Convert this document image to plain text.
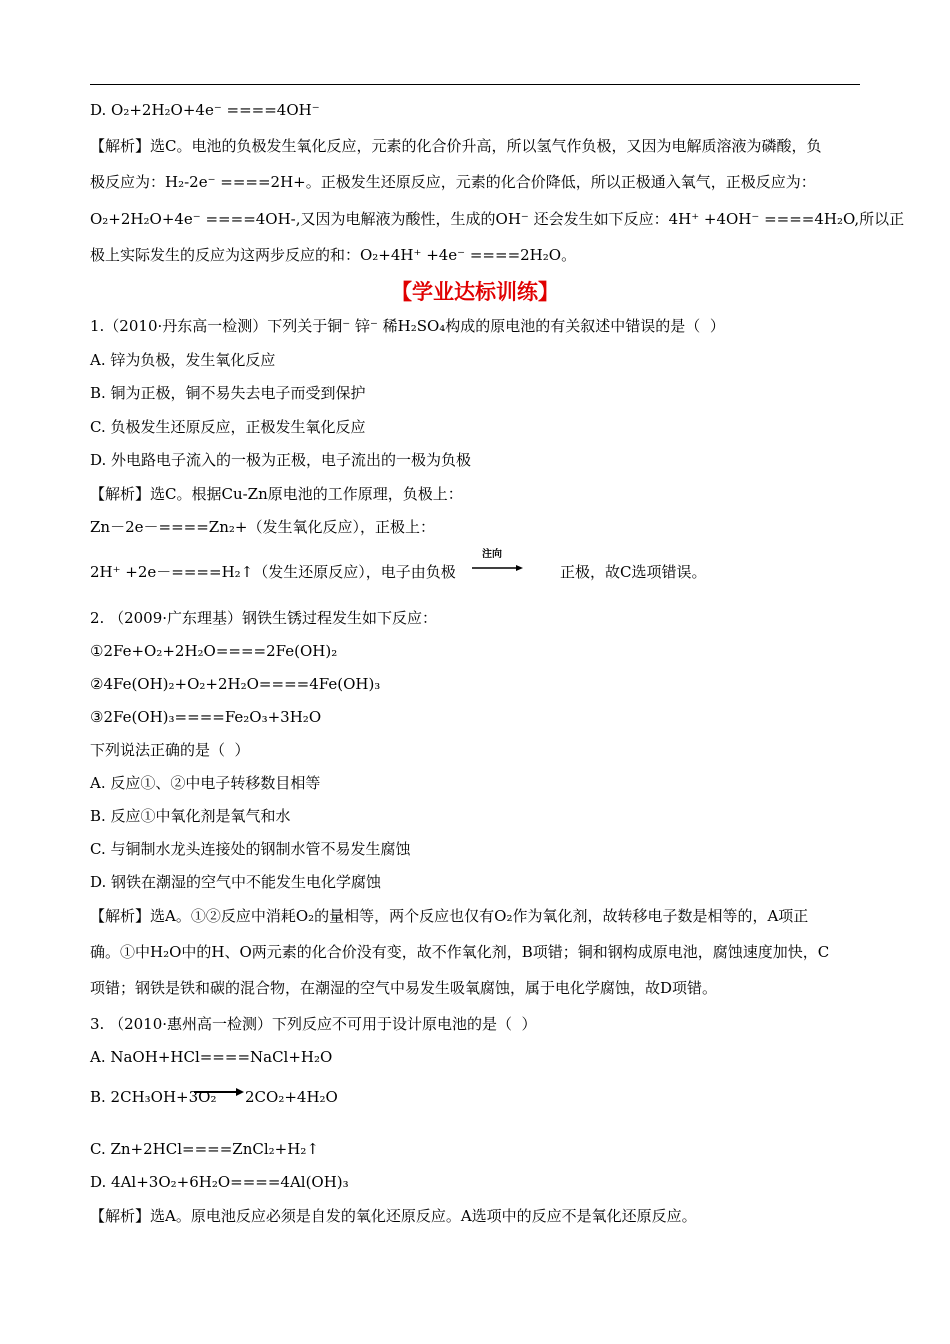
D. O₂+2H₂O+4e⁻ ====4OH⁻
【解析】选C。电池的负极发生氧化反应，元素的化合价升高，所以氢气作负极，又因为电解质溶液为磷酸，负
极反应为：H₂-2e⁻ ====2H+。正极发生还原反应，元素的化合价降低，所以正极通入氧气，正极反应为：
O₂+2H₂O+4e⁻ ====4OH-,又因为电解液为酸性，生成的OH⁻ 还会发生如下反应：4H⁺ +4OH⁻ ====4H₂O,所以正
极上实际发生的反应为这两步反应的和：O₂+4H⁺ +4e⁻ ====2H₂O。
【学业达标训练】
1.（2010·丹东高一检测）下列关于铜⁻ 锌⁻ 稀H₂SO₄构成的原电池的有关叙述中错误的是（  ）
A. 锌为负极，发生氧化反应
B. 铜为正极，铜不易失去电子而受到保护
C. 负极发生还原反应，正极发生氧化反应
D. 外电路电子流入的一极为正极，电子流出的一极为负极
【解析】选C。根据Cu-Zn原电池的工作原理，负极上：
Zn－2e－====Zn₂+（发生氧化反应），正极上：
2H⁺ +2e－====H₂↑（发生还原反应），电子由负极
注向
正极，故C选项错误。
2. （2009·广东理基）钢铁生锈过程发生如下反应：
①2Fe+O₂+2H₂O====2Fe(OH)₂
②4Fe(OH)₂+O₂+2H₂O====4Fe(OH)₃
③2Fe(OH)₃====Fe₂O₃+3H₂O
下列说法正确的是（  ）
A. 反应①、②中电子转移数目相等
B. 反应①中氧化剂是氧气和水
C. 与铜制水龙头连接处的钢制水管不易发生腐蚀
D. 钢铁在潮湿的空气中不能发生电化学腐蚀
【解析】选A。①②反应中消耗O₂的量相等，两个反应也仅有O₂作为氧化剂，故转移电子数是相等的，A项正
确。①中H₂O中的H、O两元素的化合价没有变，故不作氧化剂，B项错；铜和钢构成原电池，腐蚀速度加快，C
项错；钢铁是铁和碳的混合物，在潮湿的空气中易发生吸氧腐蚀，属于电化学腐蚀，故D项错。
3. （2010·惠州高一检测）下列反应不可用于设计原电池的是（  ）
A. NaOH+HCl====NaCl+H₂O
B. 2CH₃OH+3O₂ 2CO₂+4H₂O
C. Zn+2HCl====ZnCl₂+H₂↑
D. 4Al+3O₂+6H₂O====4Al(OH)₃
【解析】选A。原电池反应必须是自发的氧化还原反应。A选项中的反应不是氧化还原反应。
